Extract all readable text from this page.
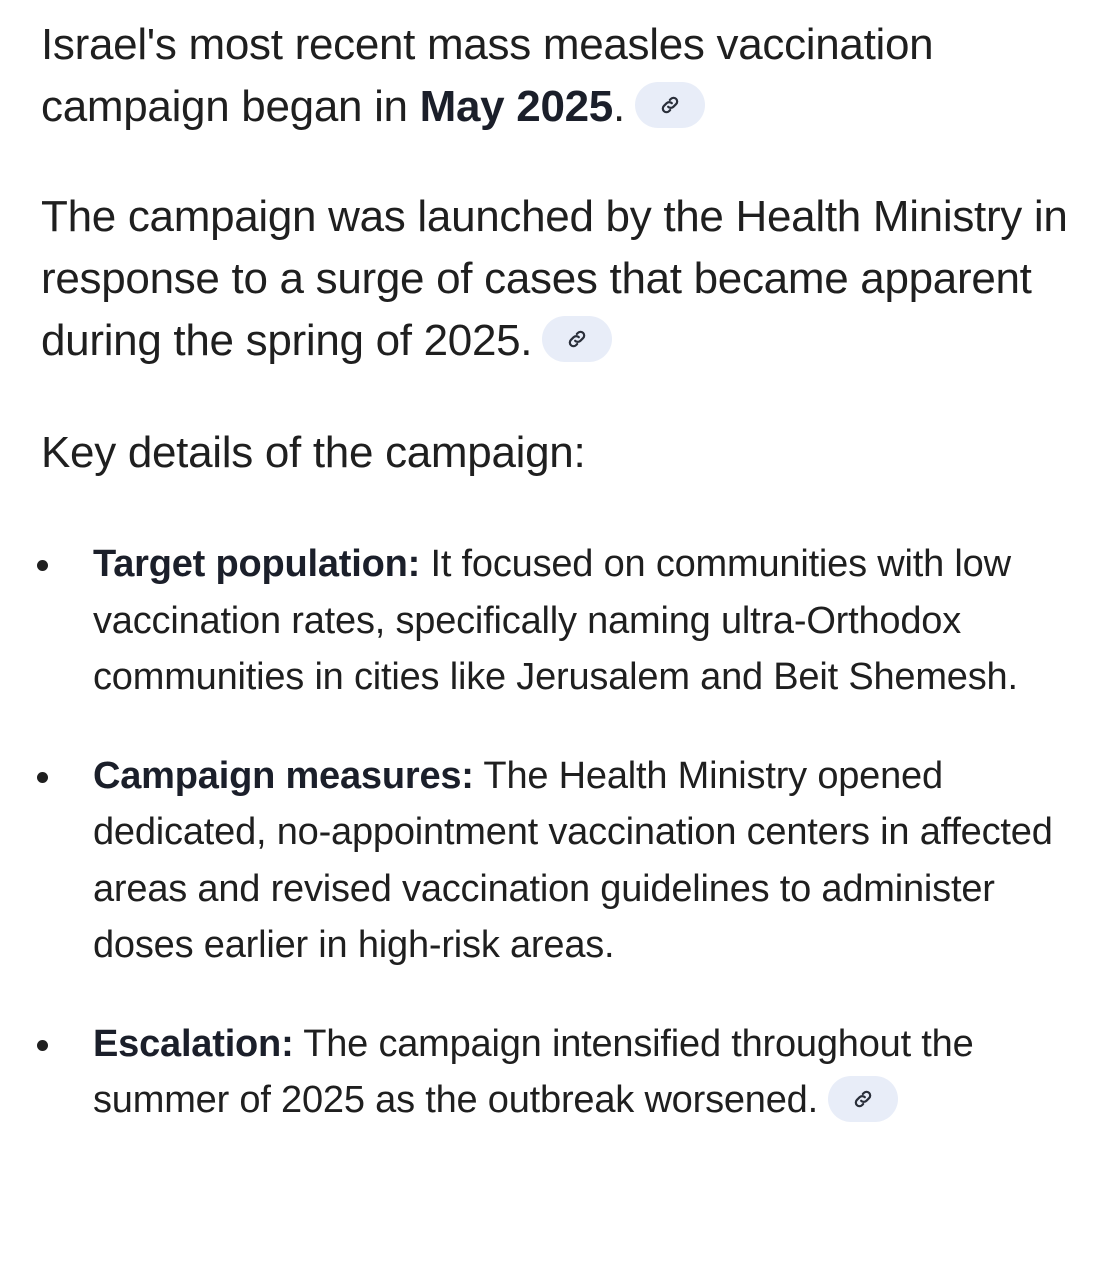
Israel's most recent mass measles vaccination campaign began in May 2025.

The campaign was launched by the Health Ministry in response to a surge of cases that became apparent during the spring of 2025.

Key details of the campaign:

Target population: It focused on communities with low vaccination rates, specifically naming ultra-Orthodox communities in cities like Jerusalem and Beit Shemesh.
Campaign measures: The Health Ministry opened dedicated, no-appointment vaccination centers in affected areas and revised vaccination guidelines to administer doses earlier in high-risk areas.
Escalation: The campaign intensified throughout the summer of 2025 as the outbreak worsened.
